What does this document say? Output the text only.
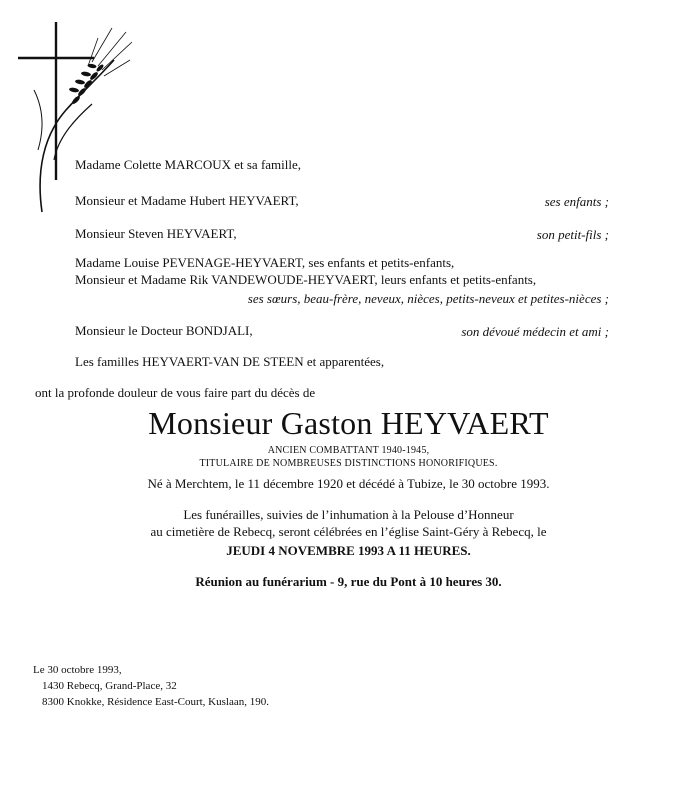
Madame Colette MARCOUX et sa famille,
Monsieur et Madame Hubert HEYVAERT,	ses enfants ;
Monsieur Steven HEYVAERT,	son petit-fils ;
Madame Louise PEVENAGE-HEYVAERT, ses enfants et petits-enfants,
Monsieur et Madame Rik VANDEWOUDE-HEYVAERT, leurs enfants et petits-enfants,
ses sœurs, beau-frère, neveux, nièces, petits-neveux et petites-nièces ;
Monsieur le Docteur BONDJALI,	son dévoué médecin et ami ;
Les familles HEYVAERT-VAN DE STEEN et apparentées,
ont la profonde douleur de vous faire part du décès de
Monsieur Gaston HEYVAERT
ANCIEN COMBATTANT 1940-1945,
TITULAIRE DE NOMBREUSES DISTINCTIONS HONORIFIQUES.
Né à Merchtem, le 11 décembre 1920 et décédé à Tubize, le 30 octobre 1993.
Les funérailles, suivies de l’inhumation à la Pelouse d’Honneur
au cimetière de Rebecq, seront célébrées en l’église Saint-Géry à Rebecq, le
JEUDI 4 NOVEMBRE 1993 A 11 HEURES.
Réunion au funérarium - 9, rue du Pont à 10 heures 30.
Le 30 octobre 1993,
1430 Rebecq, Grand-Place, 32
8300 Knokke, Résidence East-Court, Kuslaan, 190.
